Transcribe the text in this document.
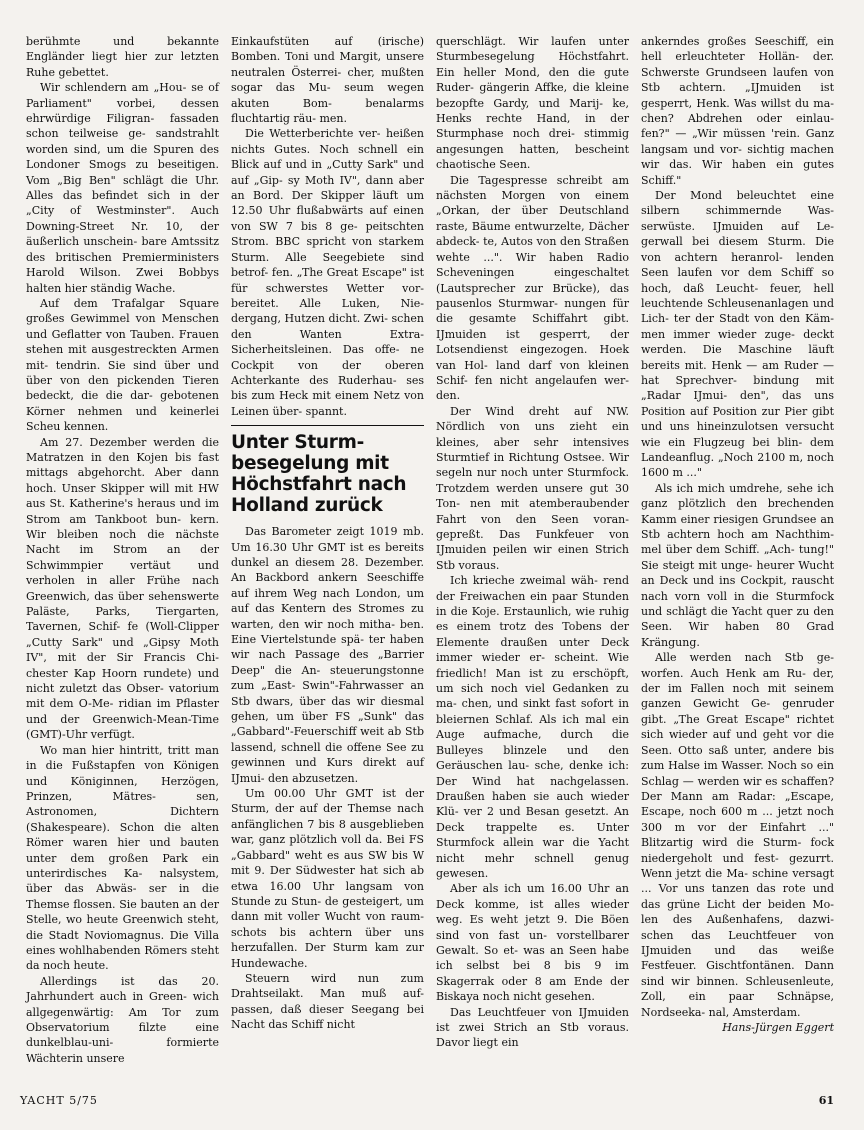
berühmte und bekannte Engländer liegt hier zur letzten Ruhe gebettet.

Wir schlendern am „Hou- se of Parliament" vorbei, dessen ehrwürdige Filigran- fassaden schon teilweise ge- sandstrahlt worden sind, um die Spuren des Londoner Smogs zu beseitigen. Vom „Big Ben" schlägt die Uhr. Alles das befindet sich in der „City of Westminster". Auch Downing-Street Nr. 10, der äußerlich unschein- bare Amtssitz des britischen Premierministers Harold Wilson. Zwei Bobbys halten hier ständig Wache.

Auf dem Trafalgar Square großes Gewimmel von Menschen und Geflatter von Tauben. Frauen stehen mit ausgestreckten Armen mit- tendrin. Sie sind über und über von den pickenden Tieren bedeckt, die die dar- gebotenen Körner nehmen und keinerlei Scheu kennen.

Am 27. Dezember werden die Matratzen in den Kojen bis fast mittags abgehorcht. Aber dann hoch. Unser Skipper will mit HW aus St. Katherine's heraus und im Strom am Tankboot bun- kern. Wir bleiben noch die nächste Nacht im Strom an der Schwimmpier vertäut und verholen in aller Frühe nach Greenwich, das über sehenswerte Paläste, Parks, Tiergarten, Tavernen, Schif- fe (Woll-Clipper „Cutty Sark" und „Gipsy Moth IV", mit der Sir Francis Chi- chester Kap Hoorn rundete) und nicht zuletzt das Obser- vatorium mit dem O-Me- ridian im Pflaster und der Greenwich-Mean-Time (GMT)-Uhr verfügt.

Wo man hier hintritt, tritt man in die Fußstapfen von Königen und Königinnen, Herzögen, Prinzen, Mätres- sen, Astronomen, Dichtern (Shakespeare). Schon die alten Römer waren hier und bauten unter dem großen Park ein unterirdisches Ka- nalsystem, über das Abwäs- ser in die Themse flossen. Sie bauten an der Stelle, wo heute Greenwich steht, die Stadt Noviomagnus. Die Villa eines wohlhabenden Römers steht da noch heute.

Allerdings ist das 20. Jahrhundert auch in Green- wich allgegenwärtig: Am Tor zum Observatorium filzte eine dunkelblau-uni- formierte Wächterin unsere

Einkaufstüten auf (irische) Bomben. Toni und Margit, unsere neutralen Österrei- cher, mußten sogar das Mu- seum wegen akuten Bom- benalarms fluchtartig räu- men.

Die Wetterberichte ver- heißen nichts Gutes. Noch schnell ein Blick auf und in „Cutty Sark" und auf „Gip- sy Moth IV", dann aber an Bord. Der Skipper läuft um 12.50 Uhr flußabwärts auf einen von SW 7 bis 8 ge- peitschten Strom. BBC spricht von starkem Sturm. Alle Seegebiete sind betrof- fen. „The Great Escape" ist für schwerstes Wetter vor- bereitet. Alle Luken, Nie- dergang, Hutzen dicht. Zwi- schen den Wanten Extra- Sicherheitsleinen. Das offe- ne Cockpit von der oberen Achterkante des Ruderhau- ses bis zum Heck mit einem Netz von Leinen über- spannt.

Unter Sturm- besegelung mit Höchstfahrt nach Holland zurück

Das Barometer zeigt 1019 mb. Um 16.30 Uhr GMT ist es bereits dunkel an diesem 28. Dezember. An Backbord ankern Seeschiffe auf ihrem Weg nach London, um auf das Kentern des Stromes zu warten, den wir noch mitha- ben. Eine Viertelstunde spä- ter haben wir nach Passage des „Barrier Deep" die An- steuerungstonne zum „East- Swin"-Fahrwasser an Stb dwars, über das wir diesmal gehen, um über FS „Sunk" das „Gabbard"-Feuerschiff weit ab Stb lassend, schnell die offene See zu gewinnen und Kurs direkt auf IJmui- den abzusetzen.

Um 00.00 Uhr GMT ist der Sturm, der auf der Themse nach anfänglichen 7 bis 8 ausgeblieben war, ganz plötzlich voll da. Bei FS „Gabbard" weht es aus SW bis W mit 9. Der Südwester hat sich ab etwa 16.00 Uhr langsam von Stunde zu Stun- de gesteigert, um dann mit voller Wucht von raum- schots bis achtern über uns herzufallen. Der Sturm kam zur Hundewache.

Steuern wird nun zum Drahtseilakt. Man muß auf- passen, daß dieser Seegang bei Nacht das Schiff nicht

querschlägt. Wir laufen unter Sturmbesegelung Höchstfahrt. Ein heller Mond, den die gute Ruder- gängerin Affke, die kleine bezopfte Gardy, und Marij- ke, Henks rechte Hand, in der Sturmphase noch drei- stimmig angesungen hatten, bescheint chaotische Seen.

Die Tagespresse schreibt am nächsten Morgen von einem „Orkan, der über Deutschland raste, Bäume entwurzelte, Dächer abdeck- te, Autos von den Straßen wehte ...". Wir haben Radio Scheveningen eingeschaltet (Lautsprecher zur Brücke), das pausenlos Sturmwar- nungen für die gesamte Schiffahrt gibt. IJmuiden ist gesperrt, der Lotsendienst eingezogen. Hoek van Hol- land darf von kleinen Schif- fen nicht angelaufen wer- den.

Der Wind dreht auf NW. Nördlich von uns zieht ein kleines, aber sehr intensives Sturmtief in Richtung Ostsee. Wir segeln nur noch unter Sturmfock. Trotzdem werden unsere gut 30 Ton- nen mit atemberaubender Fahrt von den Seen voran- gepreßt. Das Funkfeuer von IJmuiden peilen wir einen Strich Stb voraus.

Ich krieche zweimal wäh- rend der Freiwachen ein paar Stunden in die Koje. Erstaunlich, wie ruhig es einem trotz des Tobens der Elemente draußen unter Deck immer wieder er- scheint. Wie friedlich! Man ist zu erschöpft, um sich noch viel Gedanken zu ma- chen, und sinkt fast sofort in bleiernen Schlaf. Als ich mal ein Auge aufmache, durch die Bulleyes blinzele und den Geräuschen lau- sche, denke ich: Der Wind hat nachgelassen. Draußen haben sie auch wieder Klü- ver 2 und Besan gesetzt. An Deck trappelte es. Unter Sturmfock allein war die Yacht nicht mehr schnell genug gewesen.

Aber als ich um 16.00 Uhr an Deck komme, ist alles wieder weg. Es weht jetzt 9. Die Böen sind von fast un- vorstellbarer Gewalt. So et- was an Seen habe ich selbst bei 8 bis 9 im Skagerrak oder 8 am Ende der Biskaya noch nicht gesehen.

Das Leuchtfeuer von IJmuiden ist zwei Strich an Stb voraus. Davor liegt ein

ankerndes großes Seeschiff, ein hell erleuchteter Hollän- der. Schwerste Grundseen laufen von Stb achtern. „IJmuiden ist gesperrt, Henk. Was willst du ma- chen? Abdrehen oder einlau- fen?" — „Wir müssen 'rein. Ganz langsam und vor- sichtig machen wir das. Wir haben ein gutes Schiff."

Der Mond beleuchtet eine silbern schimmernde Was- serwüste. IJmuiden auf Le- gerwall bei diesem Sturm. Die von achtern heranrol- lenden Seen laufen vor dem Schiff so hoch, daß Leucht- feuer, hell leuchtende Schleusenanlagen und Lich- ter der Stadt von den Käm- men immer wieder zuge- deckt werden. Die Maschine läuft bereits mit. Henk — am Ruder — hat Sprechver- bindung mit „Radar IJmui- den", das uns Position auf Position zur Pier gibt und uns hineinzulotsen versucht wie ein Flugzeug bei blin- dem Landeanflug. „Noch 2100 m, noch 1600 m ..."

Als ich mich umdrehe, sehe ich ganz plötzlich den brechenden Kamm einer riesigen Grundsee an Stb achtern hoch am Nachthim- mel über dem Schiff. „Ach- tung!" Sie steigt mit unge- heurer Wucht an Deck und ins Cockpit, rauscht nach vorn voll in die Sturmfock und schlägt die Yacht quer zu den Seen. Wir haben 80 Grad Krängung.

Alle werden nach Stb ge- worfen. Auch Henk am Ru- der, der im Fallen noch mit seinem ganzen Gewicht Ge- genruder gibt. „The Great Escape" richtet sich wieder auf und geht vor die Seen. Otto saß unter, andere bis zum Halse im Wasser. Noch so ein Schlag — werden wir es schaffen? Der Mann am Radar: „Escape, Escape, noch 600 m ... jetzt noch 300 m vor der Einfahrt ..." Blitzartig wird die Sturm- fock niedergeholt und fest- gezurrt. Wenn jetzt die Ma- schine versagt ... Vor uns tanzen das rote und das grüne Licht der beiden Mo- len des Außenhafens, dazwi- schen das Leuchtfeuer von IJmuiden und das weiße Festfeuer. Gischtfontänen. Dann sind wir binnen. Schleusenleute, Zoll, ein paar Schnäpse, Nordseeka- nal, Amsterdam.

Hans-Jürgen Eggert

YACHT 5/75	61
